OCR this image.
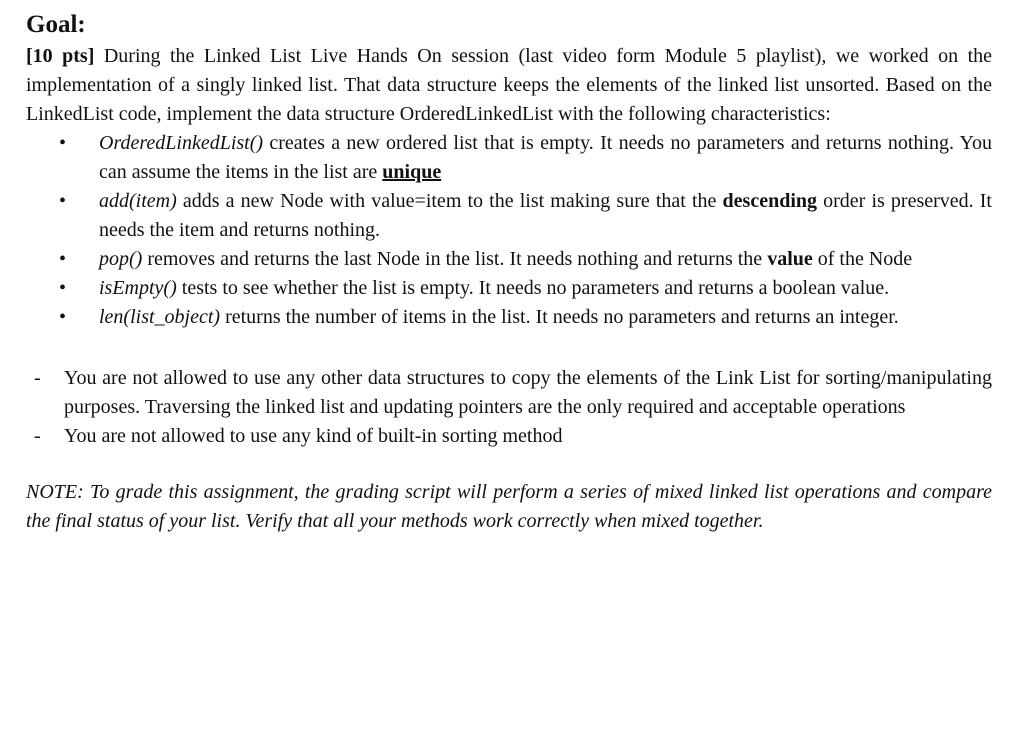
Goal:

[10 pts] During the Linked List Live Hands On session (last video form Module 5 playlist), we worked on the implementation of a singly linked list. That data structure keeps the elements of the linked list unsorted. Based on the LinkedList code, implement the data structure OrderedLinkedList with the following characteristics:

• OrderedLinkedList() creates a new ordered list that is empty. It needs no parameters and returns nothing. You can assume the items in the list are unique
• add(item) adds a new Node with value=item to the list making sure that the descending order is preserved. It needs the item and returns nothing.
• pop() removes and returns the last Node in the list. It needs nothing and returns the value of the Node
• isEmpty() tests to see whether the list is empty. It needs no parameters and returns a boolean value.
• len(list_object) returns the number of items in the list. It needs no parameters and returns an integer.
- You are not allowed to use any other data structures to copy the elements of the Link List for sorting/manipulating purposes. Traversing the linked list and updating pointers are the only required and acceptable operations
- You are not allowed to use any kind of built-in sorting method

NOTE: To grade this assignment, the grading script will perform a series of mixed linked list operations and compare the final status of your list. Verify that all your methods work correctly when mixed together.
